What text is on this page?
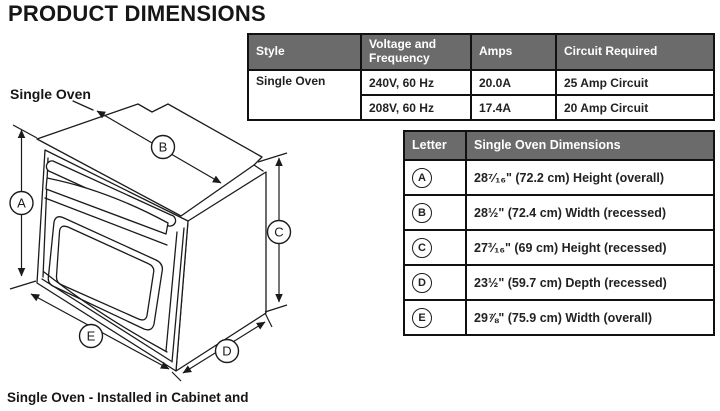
PRODUCT DIMENSIONS
Single Oven
A
B
C
D
E
Style	Voltage and Frequency	Amps	Circuit Required
Single Oven	240V, 60 Hz	20.0A	25 Amp Circuit
	208V, 60 Hz	17.4A	20 Amp Circuit
Letter	Single Oven Dimensions
A	28⁷⁄₁₆" (72.2 cm) Height (overall)
B	28½" (72.4 cm) Width (recessed)
C	27³⁄₁₆" (69 cm) Height (recessed)
D	23½" (59.7 cm) Depth (recessed)
E	29⅞" (75.9 cm) Width (overall)
Single Oven - Installed in Cabinet and
